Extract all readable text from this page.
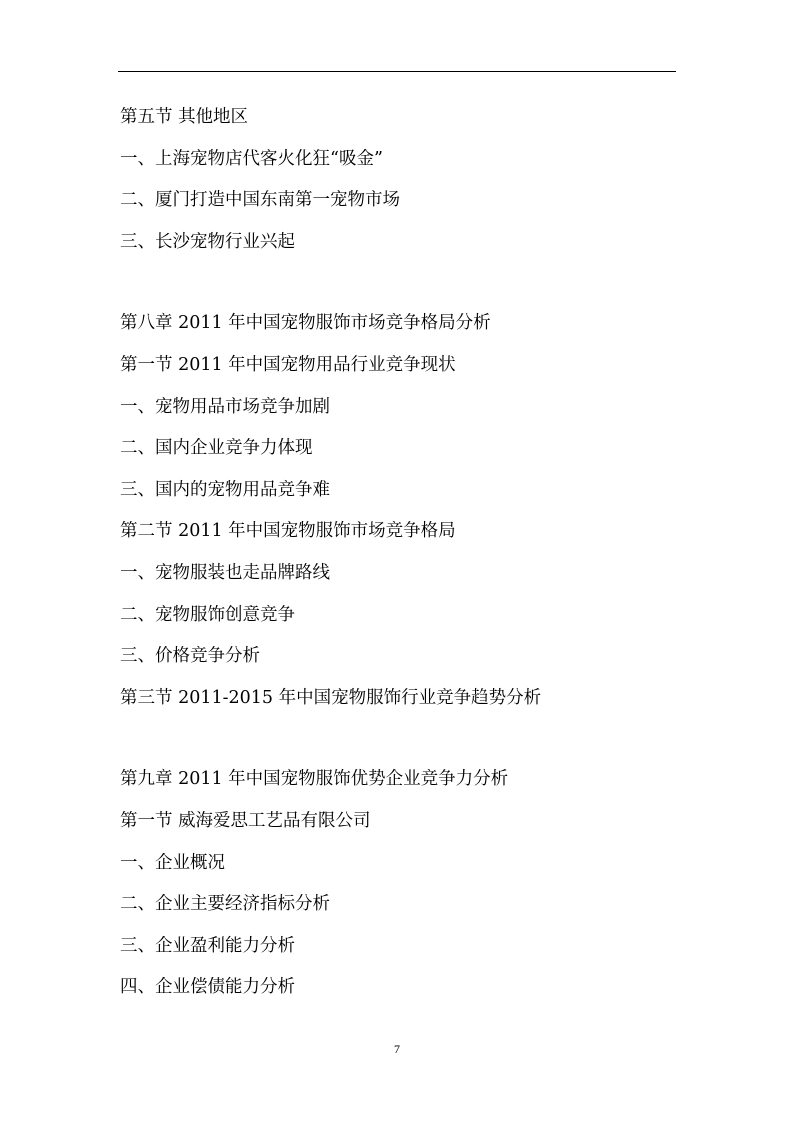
第五节 其他地区
一、上海宠物店代客火化狂“吸金”
二、厦门打造中国东南第一宠物市场
三、长沙宠物行业兴起
第八章 2011 年中国宠物服饰市场竞争格局分析
第一节 2011 年中国宠物用品行业竞争现状
一、宠物用品市场竞争加剧
二、国内企业竞争力体现
三、国内的宠物用品竞争难
第二节 2011 年中国宠物服饰市场竞争格局
一、宠物服装也走品牌路线
二、宠物服饰创意竞争
三、价格竞争分析
第三节 2011-2015 年中国宠物服饰行业竞争趋势分析
第九章 2011 年中国宠物服饰优势企业竞争力分析
第一节 威海爱思工艺品有限公司
一、企业概况
二、企业主要经济指标分析
三、企业盈利能力分析
四、企业偿债能力分析
7
